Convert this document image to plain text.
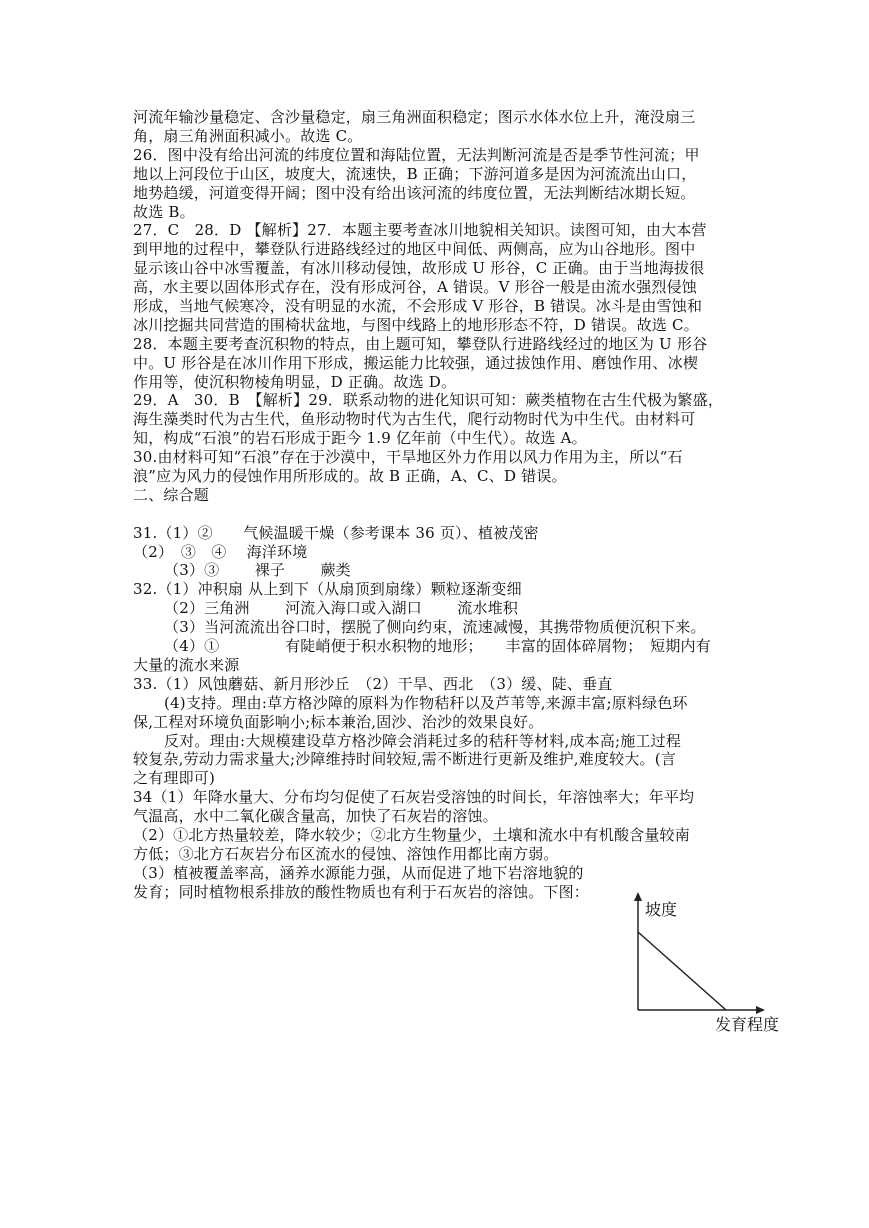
河流年输沙量稳定、含沙量稳定，扇三角洲面积稳定；图示水体水位上升，淹没扇三
角，扇三角洲面积减小。故选 C。
26．图中没有给出河流的纬度位置和海陆位置，无法判断河流是否是季节性河流；甲
地以上河段位于山区，坡度大，流速快，B 正确；下游河道多是因为河流流出山口，
地势趋缓，河道变得开阔；图中没有给出该河流的纬度位置，无法判断结冰期长短。
故选 B。
27．C　28．D 【解析】27．本题主要考查冰川地貌相关知识。读图可知，由大本营
到甲地的过程中，攀登队行进路线经过的地区中间低、两侧高，应为山谷地形。图中
显示该山谷中冰雪覆盖，有冰川移动侵蚀，故形成 U 形谷，C 正确。由于当地海拔很
高，水主要以固体形式存在，没有形成河谷，A 错误。V 形谷一般是由流水强烈侵蚀
形成，当地气候寒冷，没有明显的水流，不会形成 V 形谷，B 错误。冰斗是由雪蚀和
冰川挖掘共同营造的围椅状盆地，与图中线路上的地形形态不符，D 错误。故选 C。
28．本题主要考查沉积物的特点，由上题可知，攀登队行进路线经过的地区为 U 形谷
中。U 形谷是在冰川作用下形成，搬运能力比较强，通过拔蚀作用、磨蚀作用、冰楔
作用等，使沉积物棱角明显，D 正确。故选 D。
29．A　30．B　【解析】29．联系动物的进化知识可知：蕨类植物在古生代极为繁盛，
海生藻类时代为古生代，鱼形动物时代为古生代，爬行动物时代为中生代。由材料可
知，构成“石浪”的岩石形成于距今 1.9 亿年前（中生代）。故选 A。
30.由材料可知“石浪”存在于沙漠中，干旱地区外力作用以风力作用为主，所以“石
浪”应为风力的侵蚀作用所形成的。故 B 正确，A、C、D 错误。
二、综合题
31.（1）②　　气候温暖干燥（参考课本 36 页）、植被茂密
（2）　③　④　 海洋环境
（3）③　　 裸子　　 蕨类
32.（1）冲积扇 从上到下（从扇顶到扇缘）颗粒逐渐变细
（2）三角洲　　 河流入海口或入湖口　　 流水堆积
（3）当河流流出谷口时，摆脱了侧向约束，流速减慢，其携带物质便沉积下来。
（4）①　　　　 有陡峭便于积水积物的地形；　　丰富的固体碎屑物；　短期内有
大量的流水来源
33.（1）风蚀蘑菇、新月形沙丘　（2）干旱、西北　（3）缓、陡、垂直
(4)支持。理由:草方格沙障的原料为作物秸秆以及芦苇等,来源丰富;原料绿色环
保,工程对环境负面影响小;标本兼治,固沙、治沙的效果良好。
反对。理由:大规模建设草方格沙障会消耗过多的秸秆等材料,成本高;施工过程
较复杂,劳动力需求量大;沙障维持时间较短,需不断进行更新及维护,难度较大。(言
之有理即可)
34（1）年降水量大、分布均匀促使了石灰岩受溶蚀的时间长，年溶蚀率大；年平均
气温高，水中二氧化碳含量高，加快了石灰岩的溶蚀。
（2）①北方热量较差，降水较少；②北方生物量少，土壤和流水中有机酸含量较南
方低；③北方石灰岩分布区流水的侵蚀、溶蚀作用都比南方弱。
（3）植被覆盖率高，涵养水源能力强，从而促进了地下岩溶地貌的
发育；同时植物根系排放的酸性物质也有利于石灰岩的溶蚀。下图：
坡度
发育程度
